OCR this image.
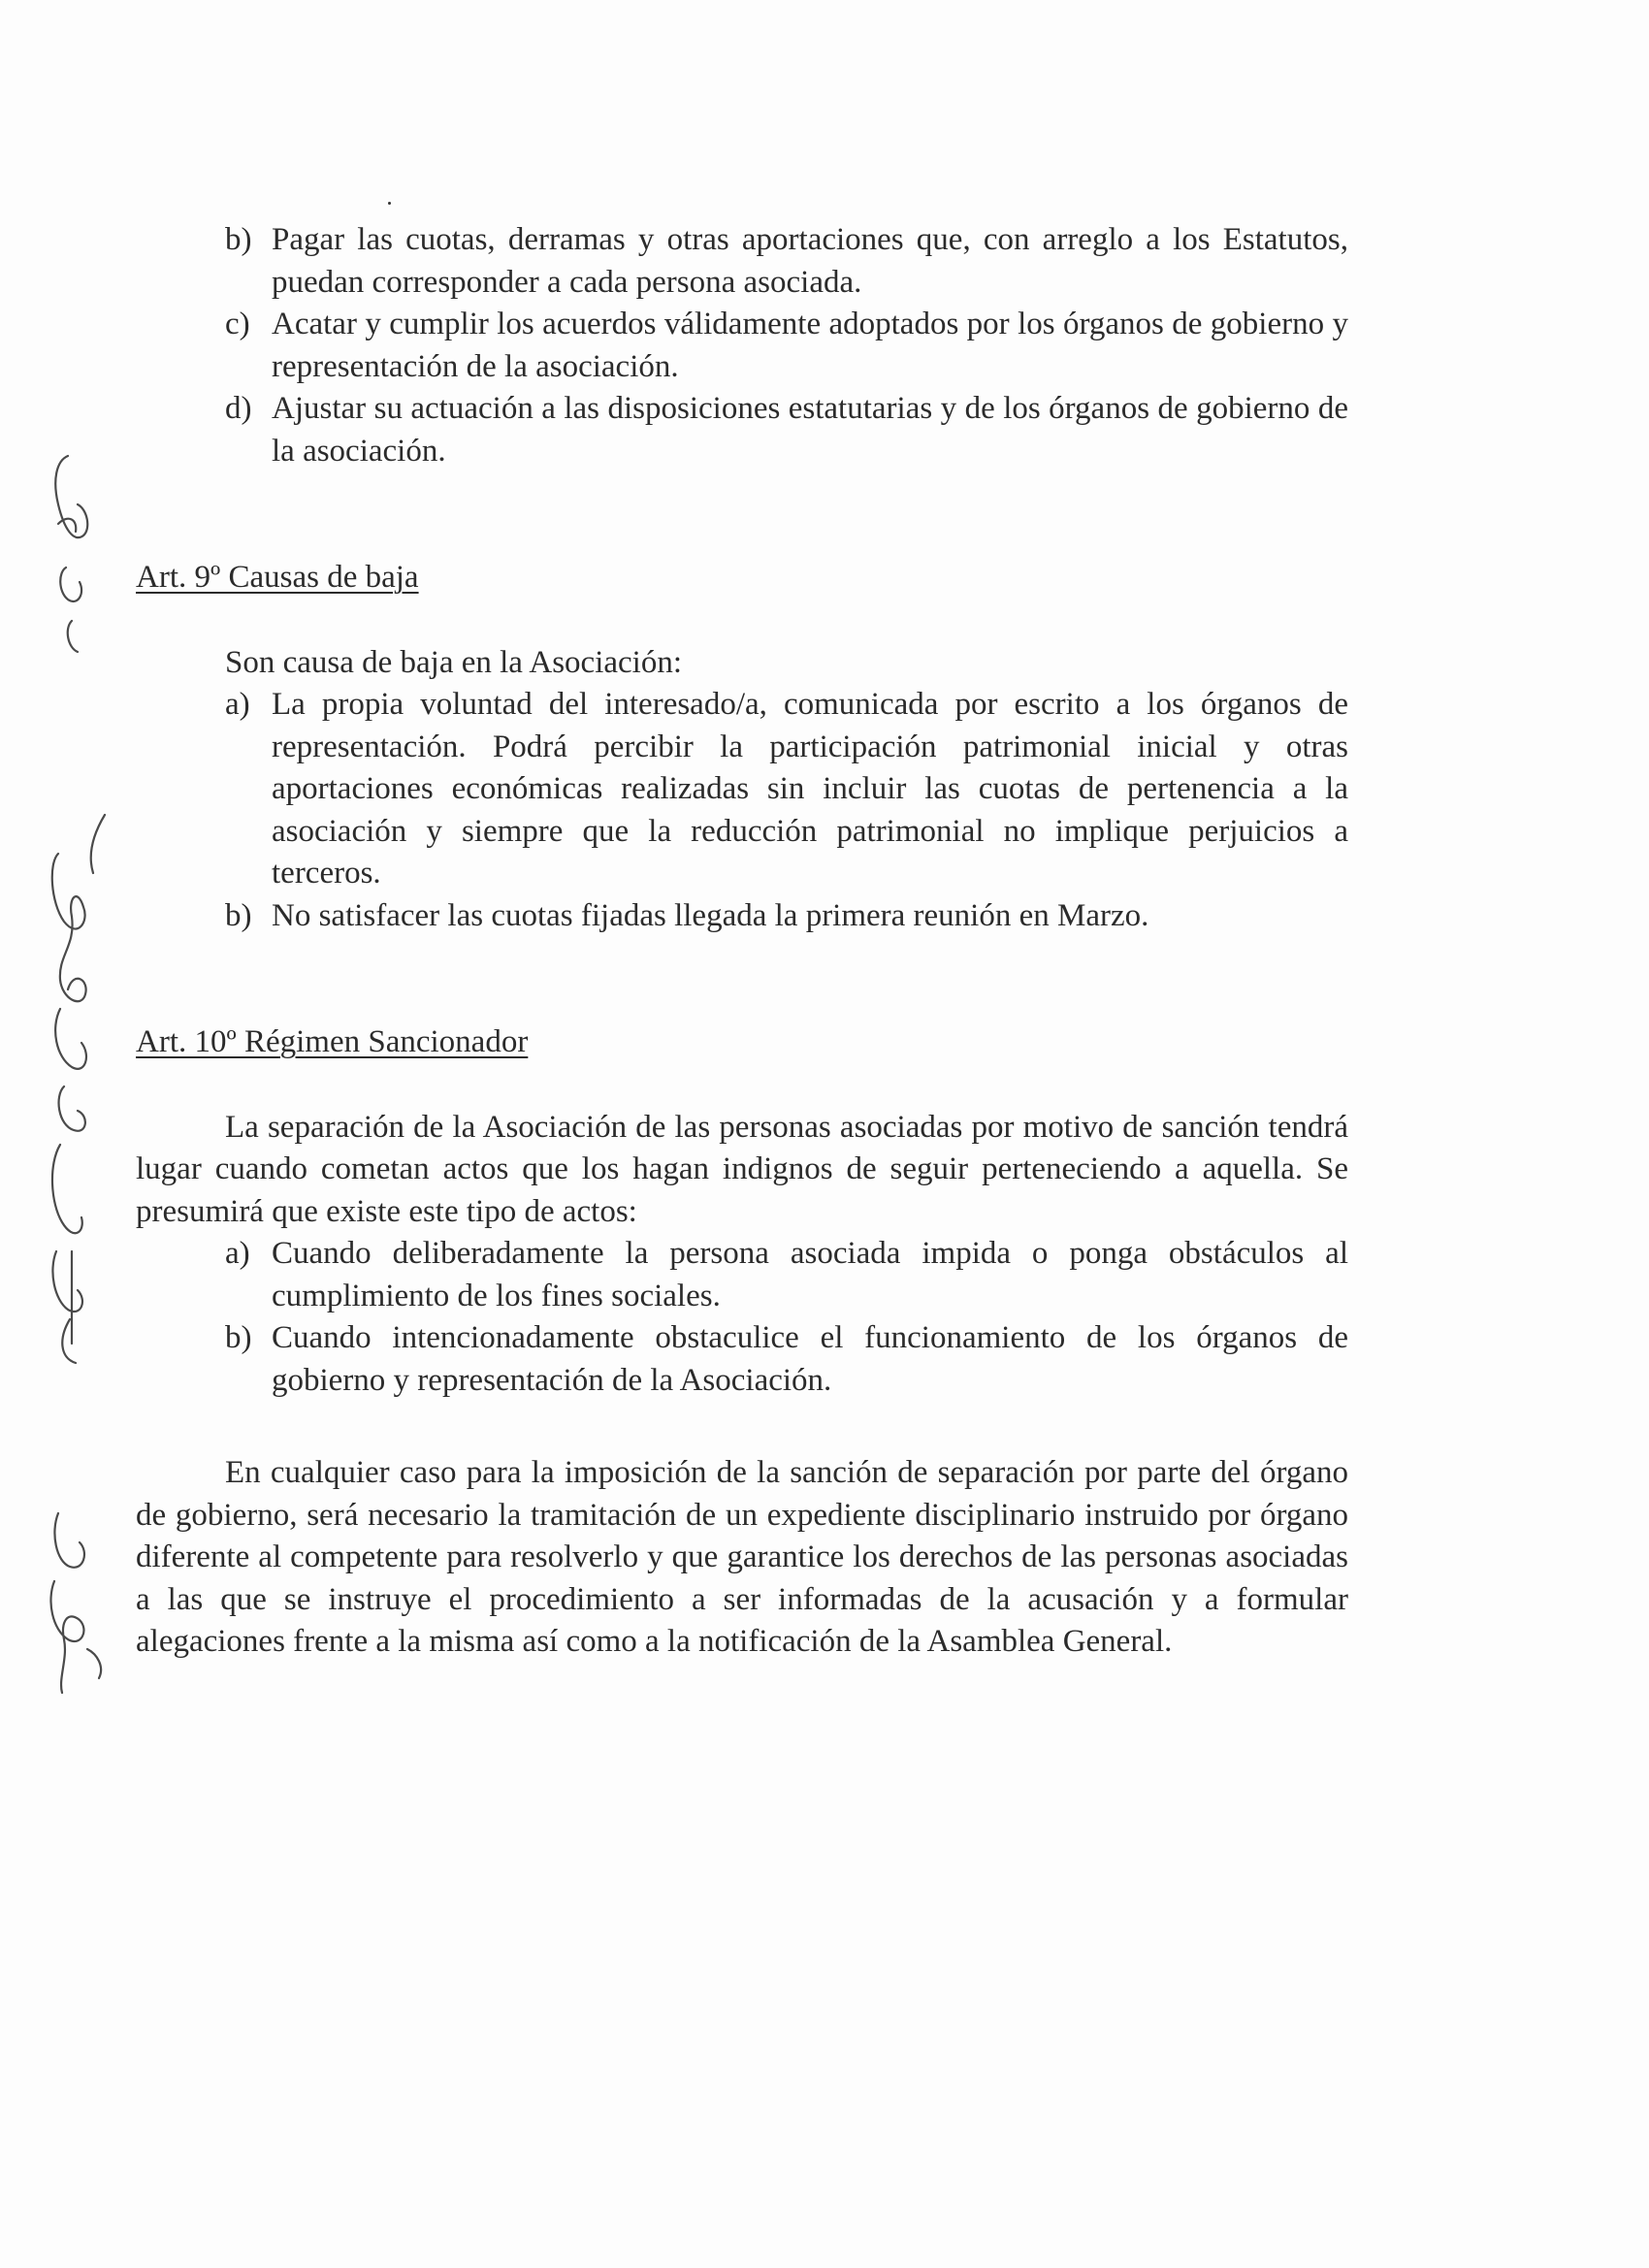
b) Pagar las cuotas, derramas y otras aportaciones que, con arreglo a los Estatutos, puedan corresponder a cada persona asociada.

c) Acatar y cumplir los acuerdos válidamente adoptados por los órganos de gobierno y representación de la asociación.

d) Ajustar su actuación a las disposiciones estatutarias y de los órganos de gobierno de la asociación.

Art. 9º Causas de baja

Son causa de baja en la Asociación:

a) La propia voluntad del interesado/a, comunicada por escrito a los órganos de representación. Podrá percibir la participación patrimonial inicial y otras aportaciones económicas realizadas sin incluir las cuotas de pertenencia a la asociación y siempre que la reducción patrimonial no implique perjuicios a terceros.

b) No satisfacer las cuotas fijadas llegada la primera reunión en Marzo.

Art. 10º Régimen Sancionador

La separación de la Asociación de las personas asociadas por motivo de sanción tendrá lugar cuando cometan actos que los hagan indignos de seguir perteneciendo a aquella. Se presumirá que existe este tipo de actos:

a) Cuando deliberadamente la persona asociada impida o ponga obstáculos al cumplimiento de los fines sociales.

b) Cuando intencionadamente obstaculice el funcionamiento de los órganos de gobierno y representación de la Asociación.

En cualquier caso para la imposición de la sanción de separación por parte del órgano de gobierno, será necesario la tramitación de un expediente disciplinario instruido por órgano diferente al competente para resolverlo y que garantice los derechos de las personas asociadas a las que se instruye el procedimiento a ser informadas de la acusación y a formular alegaciones frente a la misma así como a la notificación de la Asamblea General.
